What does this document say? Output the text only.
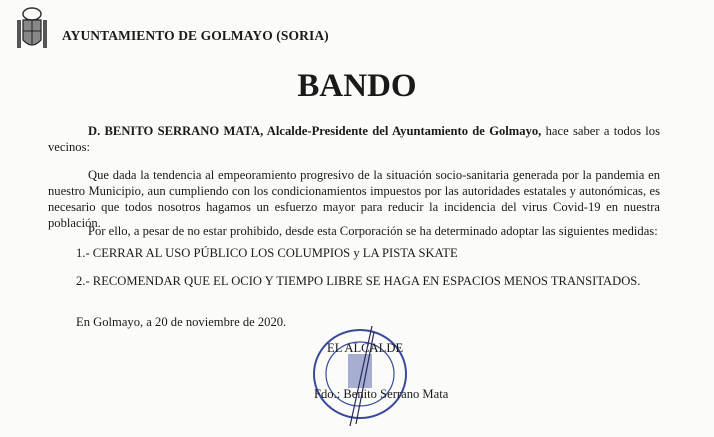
AYUNTAMIENTO DE GOLMAYO (SORIA)
BANDO
D. BENITO SERRANO MATA, Alcalde-Presidente del Ayuntamiento de Golmayo, hace saber a todos los vecinos:
Que dada la tendencia al empeoramiento progresivo de la situación socio-sanitaria generada por la pandemia en nuestro Municipio, aun cumpliendo con los condicionamientos impuestos por las autoridades estatales y autonómicas, es necesario que todos nosotros hagamos un esfuerzo mayor para reducir la incidencia del virus Covid-19 en nuestra población.
Por ello, a pesar de no estar prohibido, desde esta Corporación se ha determinado adoptar las siguientes medidas:
1.- CERRAR AL USO PÚBLICO LOS COLUMPIOS y LA PISTA SKATE
2.- RECOMENDAR QUE EL OCIO Y TIEMPO LIBRE SE HAGA EN ESPACIOS MENOS TRANSITADOS.
En Golmayo, a 20 de noviembre de 2020.
EL ALCALDE
Fdo.: Benito Serrano Mata
